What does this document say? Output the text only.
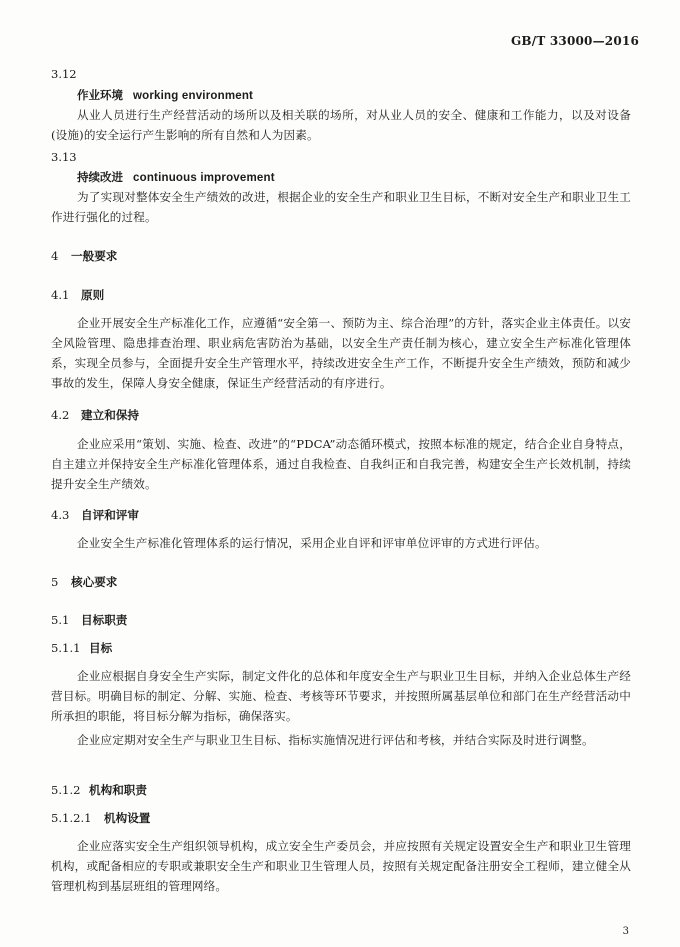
GB/T 33000—2016
3.12
作业环境 working environment
从业人员进行生产经营活动的场所以及相关联的场所，对从业人员的安全、健康和工作能力，以及对设备(设施)的安全运行产生影响的所有自然和人为因素。
3.13
持续改进 continuous improvement
为了实现对整体安全生产绩效的改进，根据企业的安全生产和职业卫生目标，不断对安全生产和职业卫生工作进行强化的过程。
4 一般要求
4.1 原则
企业开展安全生产标准化工作，应遵循“安全第一、预防为主、综合治理”的方针，落实企业主体责任。以安全风险管理、隐患排查治理、职业病危害防治为基础，以安全生产责任制为核心，建立安全生产标准化管理体系，实现全员参与，全面提升安全生产管理水平，持续改进安全生产工作，不断提升安全生产绩效，预防和减少事故的发生，保障人身安全健康，保证生产经营活动的有序进行。
4.2 建立和保持
企业应采用“策划、实施、检查、改进”的“PDCA”动态循环模式，按照本标准的规定，结合企业自身特点，自主建立并保持安全生产标准化管理体系，通过自我检查、自我纠正和自我完善，构建安全生产长效机制，持续提升安全生产绩效。
4.3 自评和评审
企业安全生产标准化管理体系的运行情况，采用企业自评和评审单位评审的方式进行评估。
5 核心要求
5.1 目标职责
5.1.1 目标
企业应根据自身安全生产实际，制定文件化的总体和年度安全生产与职业卫生目标，并纳入企业总体生产经营目标。明确目标的制定、分解、实施、检查、考核等环节要求，并按照所属基层单位和部门在生产经营活动中所承担的职能，将目标分解为指标，确保落实。
企业应定期对安全生产与职业卫生目标、指标实施情况进行评估和考核，并结合实际及时进行调整。
5.1.2 机构和职责
5.1.2.1 机构设置
企业应落实安全生产组织领导机构，成立安全生产委员会，并应按照有关规定设置安全生产和职业卫生管理机构，或配备相应的专职或兼职安全生产和职业卫生管理人员，按照有关规定配备注册安全工程师，建立健全从管理机构到基层班组的管理网络。
3
